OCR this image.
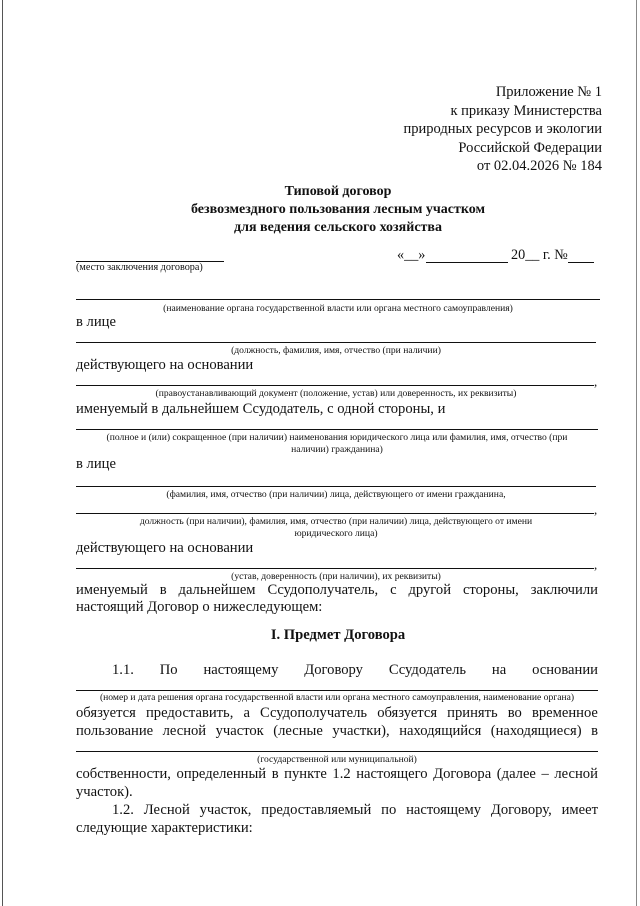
Приложение № 1
к приказу Министерства
природных ресурсов и экологии
Российской Федерации
от 02.04.2026 № 184
Типовой договор
безвозмездного пользования лесным участком
для ведения сельского хозяйства
(место заключения договора)
«__»	20__ г. №
(наименование органа государственной власти или органа местного самоуправления)
в лице
(должность, фамилия, имя, отчество (при наличии)
действующего на основании
,
(правоустанавливающий документ (положение, устав) или доверенность, их реквизиты)
именуемый в дальнейшем Ссудодатель, с одной стороны, и
(полное и (или) сокращенное (при наличии) наименования юридического лица или фамилия, имя, отчество (при
наличии) гражданина)
в лице
(фамилия, имя, отчество (при наличии) лица, действующего от имени гражданина,
,
должность (при наличии), фамилия, имя, отчество (при наличии) лица, действующего от имени
юридического лица)
действующего на основании
,
(устав, доверенность (при наличии), их реквизиты)
именуемый в дальнейшем Ссудополучатель, с другой стороны, заключили
настоящий Договор о нижеследующем:
I. Предмет Договора
1.1. По настоящему Договору Ссудодатель на основании
(номер и дата решения органа государственной власти или органа местного самоуправления, наименование органа)
обязуется предоставить, а Ссудополучатель обязуется принять во временное
пользование лесной участок (лесные участки), находящийся (находящиеся) в
(государственной или муниципальной)
собственности, определенный в пункте 1.2 настоящего Договора (далее – лесной
участок).
1.2. Лесной участок, предоставляемый по настоящему Договору, имеет
следующие характеристики:
